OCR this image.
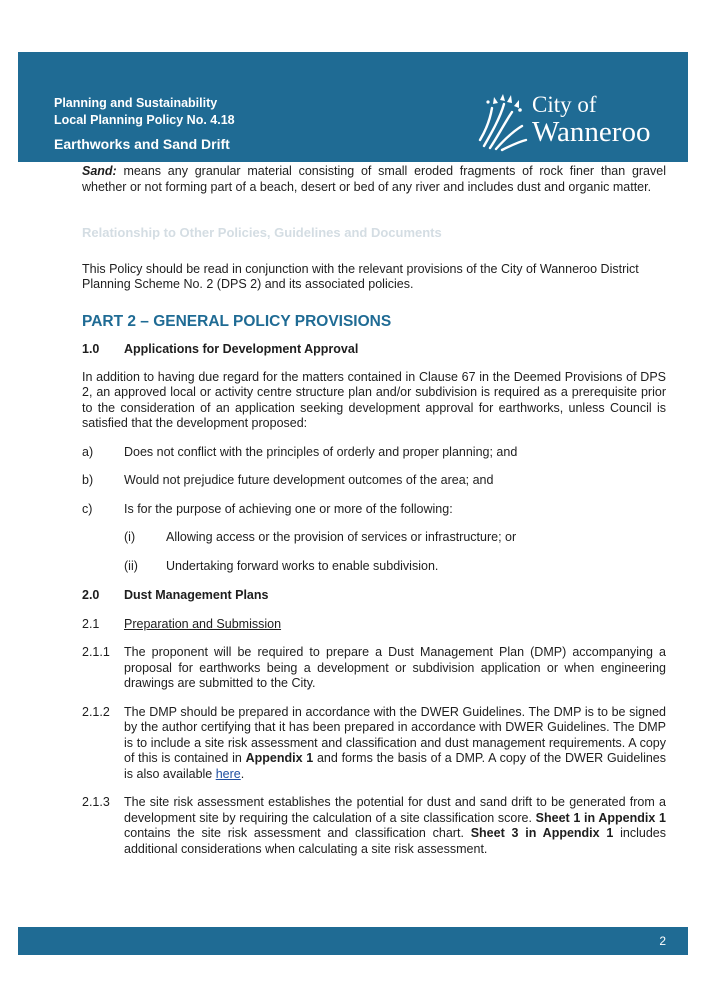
Planning and Sustainability
Local Planning Policy No. 4.18
Earthworks and Sand Drift
City of
Wanneroo

Sand: means any granular material consisting of small eroded fragments of rock finer than gravel whether or not forming part of a beach, desert or bed of any river and includes dust and organic matter.

Relationship to Other Policies, Guidelines and Documents

This Policy should be read in conjunction with the relevant provisions of the City of Wanneroo District Planning Scheme No. 2 (DPS 2) and its associated policies.

PART 2 – GENERAL POLICY PROVISIONS

1.0 Applications for Development Approval

In addition to having due regard for the matters contained in Clause 67 in the Deemed Provisions of DPS 2, an approved local or activity centre structure plan and/or subdivision is required as a prerequisite prior to the consideration of an application seeking development approval for earthworks, unless Council is satisfied that the development proposed:

a) Does not conflict with the principles of orderly and proper planning; and
b) Would not prejudice future development outcomes of the area; and
c)	Is for the purpose of achieving one or more of the following:
(i) Allowing access or the provision of services or infrastructure; or
(ii) Undertaking forward works to enable subdivision.
2.0 Dust Management Plans
2.1 Preparation and Submission
2.1.1 The proponent will be required to prepare a Dust Management Plan (DMP) accompanying a proposal for earthworks being a development or subdivision application or when engineering drawings are submitted to the City.
2.1.2 The DMP should be prepared in accordance with the DWER Guidelines. The DMP is to be signed by the author certifying that it has been prepared in accordance with DWER Guidelines. The DMP is to include a site risk assessment and classification and dust management requirements. A copy of this is contained in Appendix 1 and forms the basis of a DMP. A copy of the DWER Guidelines is also available here.
2.1.3 The site risk assessment establishes the potential for dust and sand drift to be generated from a development site by requiring the calculation of a site classification score. Sheet 1 in Appendix 1 contains the site risk assessment and classification chart. Sheet 3 in Appendix 1 includes additional considerations when calculating a site risk assessment.
2
